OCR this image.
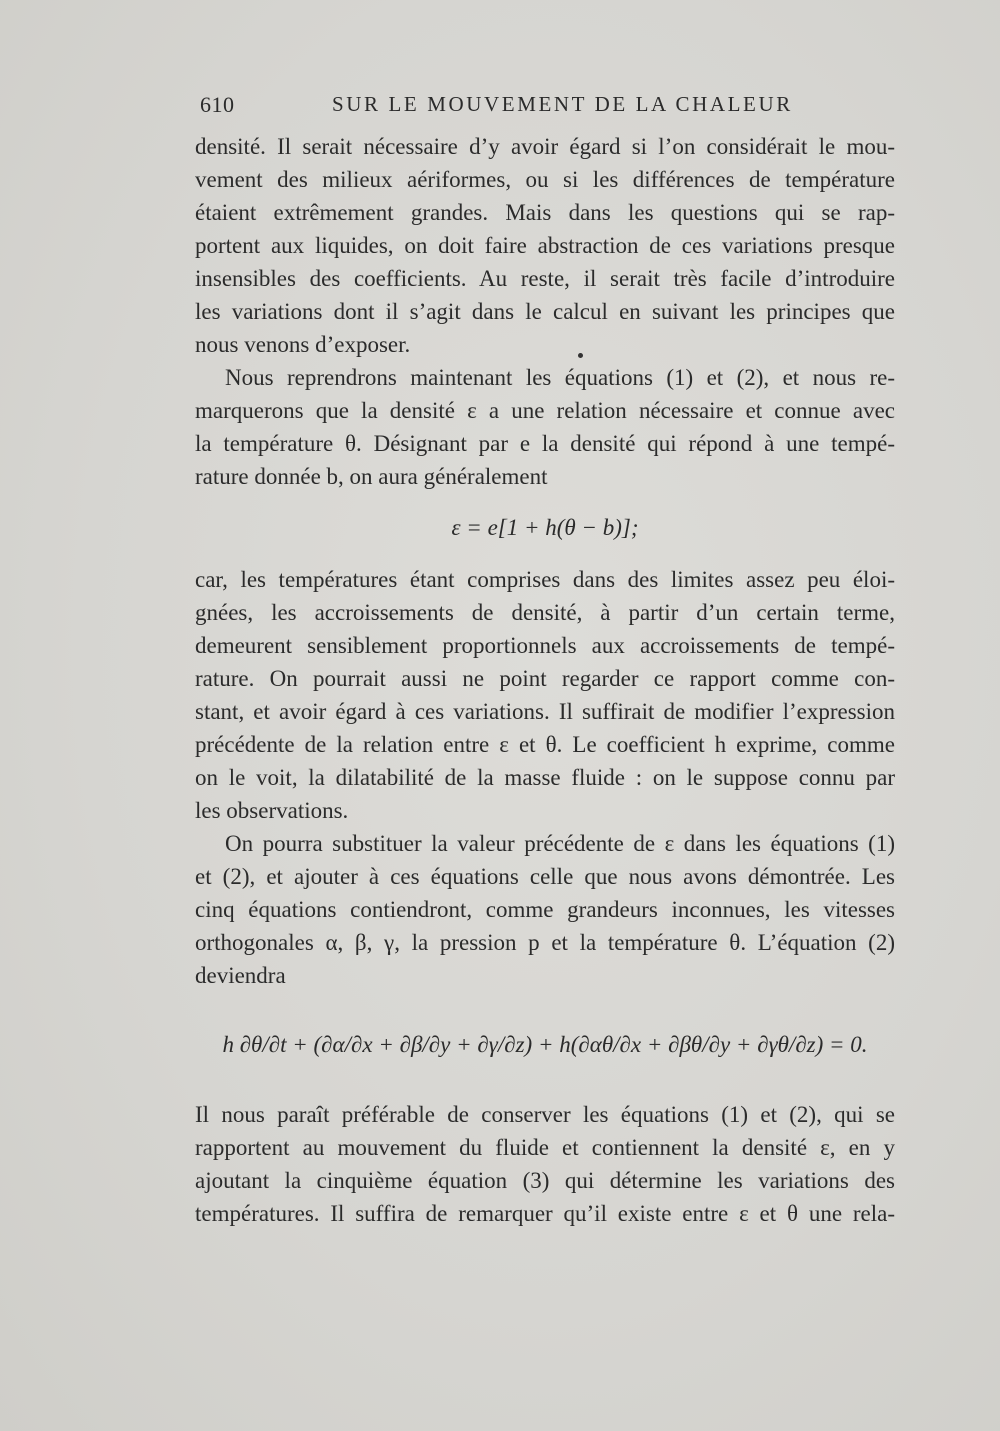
610	SUR LE MOUVEMENT DE LA CHALEUR
densité. Il serait nécessaire d’y avoir égard si l’on considérait le mou-
vement des milieux aériformes, ou si les différences de température
étaient extrêmement grandes. Mais dans les questions qui se rap-
portent aux liquides, on doit faire abstraction de ces variations presque
insensibles des coefficients. Au reste, il serait très facile d’introduire
les variations dont il s’agit dans le calcul en suivant les principes que
nous venons d’exposer.
Nous reprendrons maintenant les équations (1) et (2), et nous re-
marquerons que la densité ε a une relation nécessaire et connue avec
la température θ. Désignant par e la densité qui répond à une tempé-
rature donnée b, on aura généralement
ε = e[1 + h(θ − b)];
car, les températures étant comprises dans des limites assez peu éloi-
gnées, les accroissements de densité, à partir d’un certain terme,
demeurent sensiblement proportionnels aux accroissements de tempé-
rature. On pourrait aussi ne point regarder ce rapport comme con-
stant, et avoir égard à ces variations. Il suffirait de modifier l’expression
précédente de la relation entre ε et θ. Le coefficient h exprime, comme
on le voit, la dilatabilité de la masse fluide : on le suppose connu par
les observations.
On pourra substituer la valeur précédente de ε dans les équations (1)
et (2), et ajouter à ces équations celle que nous avons démontrée. Les
cinq équations contiendront, comme grandeurs inconnues, les vitesses
orthogonales α, β, γ, la pression p et la température θ. L’équation (2)
deviendra
h ∂θ/∂t + (∂α/∂x + ∂β/∂y + ∂γ/∂z) + h(∂αθ/∂x + ∂βθ/∂y + ∂γθ/∂z) = 0.
Il nous paraît préférable de conserver les équations (1) et (2), qui se
rapportent au mouvement du fluide et contiennent la densité ε, en y
ajoutant la cinquième équation (3) qui détermine les variations des
températures. Il suffira de remarquer qu’il existe entre ε et θ une rela-
